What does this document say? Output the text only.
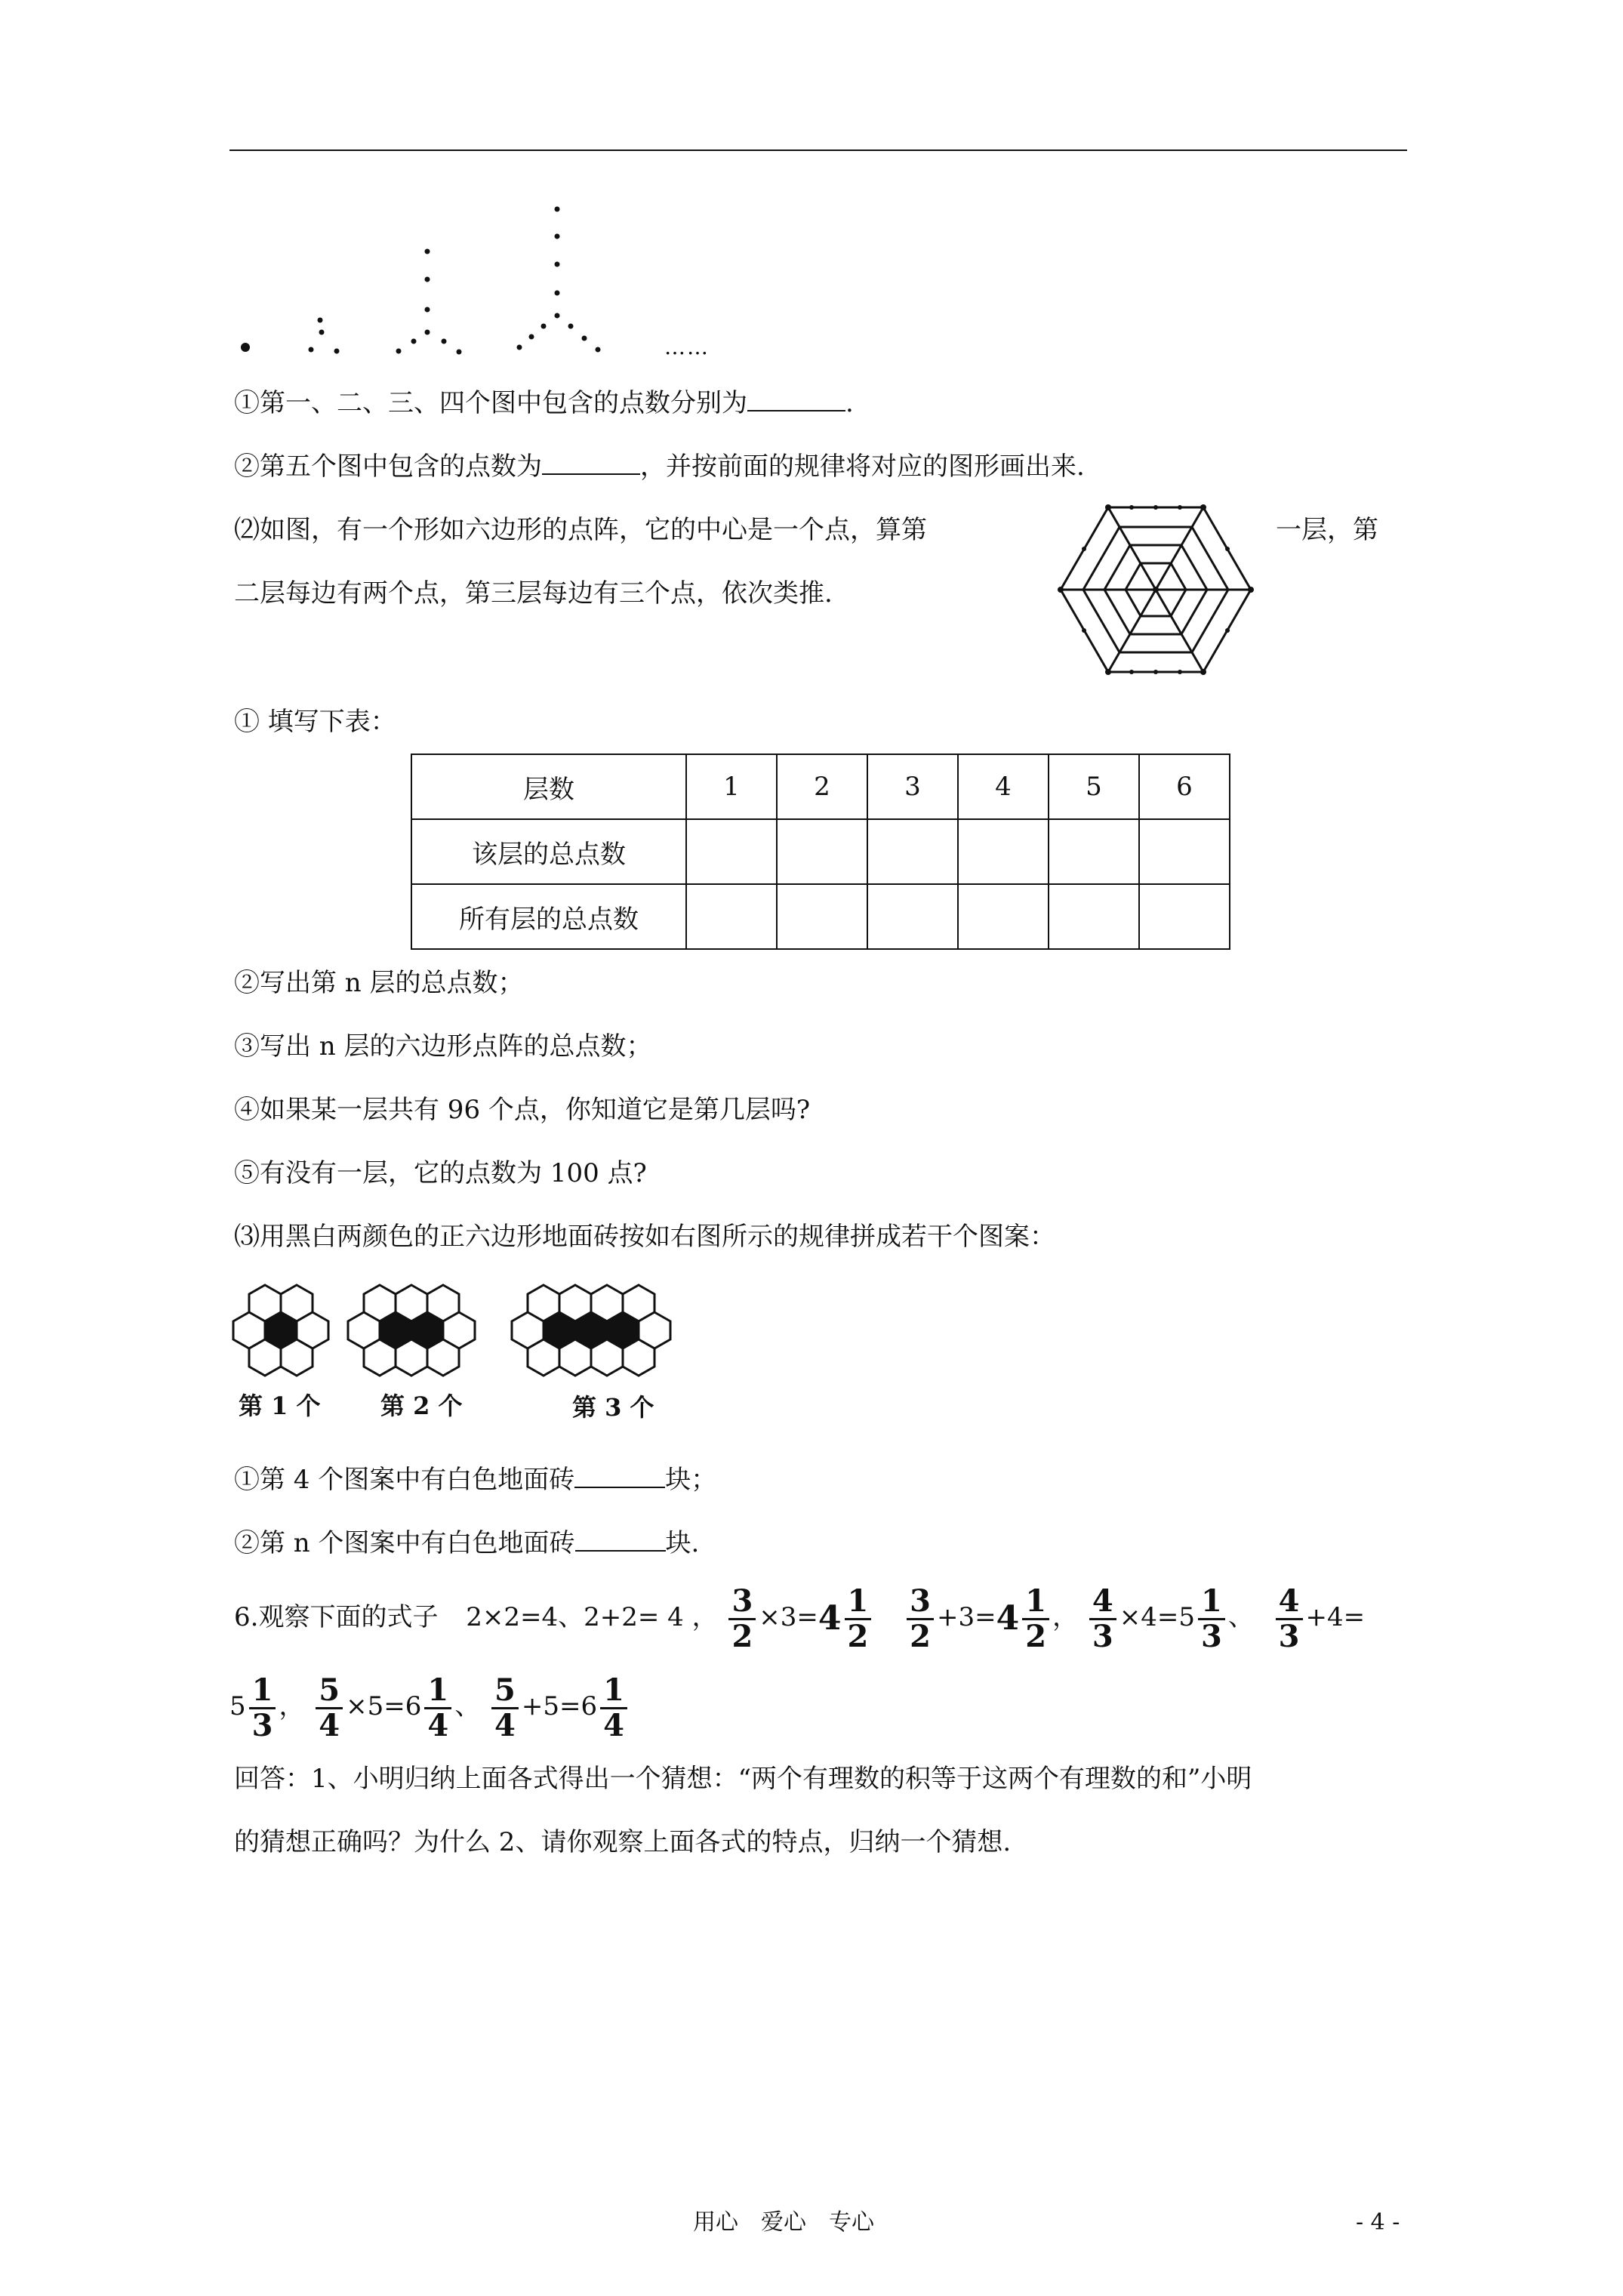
……
①第一、二、三、四个图中包含的点数分别为	.
②第五个图中包含的点数为	，并按前面的规律将对应的图形画出来.
⑵如图，有一个形如六边形的点阵，它的中心是一个点，算第	一层，第
二层每边有两个点，第三层每边有三个点，依次类推.
① 填写下表：
层数	1	2	3	4	5	6
该层的总点数						
所有层的总点数						
②写出第 n 层的总点数；
③写出 n 层的六边形点阵的总点数；
④如果某一层共有 96 个点，你知道它是第几层吗?
⑤有没有一层，它的点数为 100 点?
⑶用黑白两颜色的正六边形地面砖按如右图所示的规律拼成若干个图案：
第 1 个 第 2 个	第 3 个
①第 4 个图案中有白色地面砖	块；
②第 n 个图案中有白色地面砖	块.
6.观察下面的式子 2×2=4、2+2= 4 ， $\frac{3}{2} \times 3=4 \frac{1}{2}$
$\frac{3}{2} +3=4 \frac{1}{2}$ ， $\frac{4}{3} \times 4=5 \frac{1}{3}$ 、 $\frac{4}{3} +4=$
$5 \frac{1}{3}$ ， $\frac{5}{4} \times 5=6 \frac{1}{4}$ 、 $\frac{5}{4} +5=6 \frac{1}{4}$
回答：1、小明归纳上面各式得出一个猜想：“两个有理数的积等于这两个有理数的和”小明
的猜想正确吗？为什么 2、请你观察上面各式的特点，归纳一个猜想.
用心　爱心　专心	- 4 -
